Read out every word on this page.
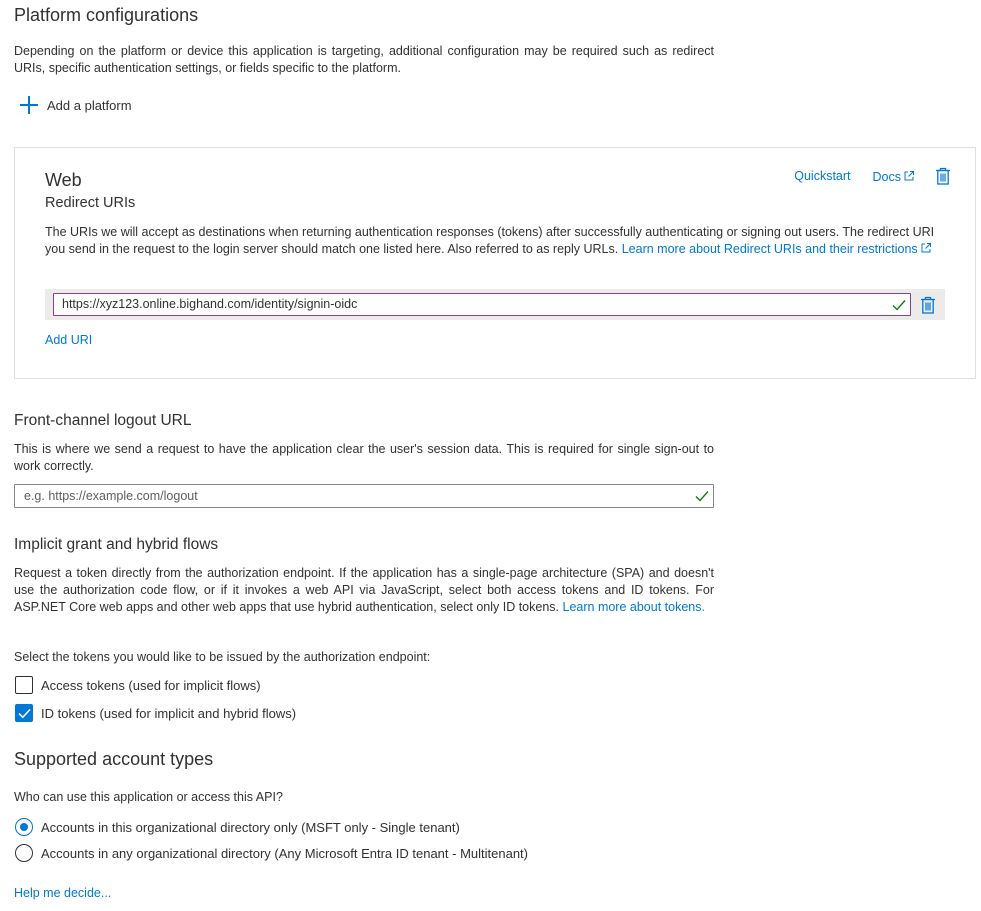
Platform configurations
Depending on the platform or device this application is targeting, additional configuration may be required such as redirect URIs, specific authentication settings, or fields specific to the platform.
Add a platform
Web
Redirect URIs
Quickstart Docs
The URIs we will accept as destinations when returning authentication responses (tokens) after successfully authenticating or signing out users. The redirect URI you send in the request to the login server should match one listed here. Also referred to as reply URLs. Learn more about Redirect URIs and their restrictions
https://xyz123.online.bighand.com/identity/signin-oidc
Add URI
Front-channel logout URL
This is where we send a request to have the application clear the user's session data. This is required for single sign-out to work correctly.
e.g. https://example.com/logout
Implicit grant and hybrid flows
Request a token directly from the authorization endpoint. If the application has a single-page architecture (SPA) and doesn't use the authorization code flow, or if it invokes a web API via JavaScript, select both access tokens and ID tokens. For ASP.NET Core web apps and other web apps that use hybrid authentication, select only ID tokens. Learn more about tokens.
Select the tokens you would like to be issued by the authorization endpoint:
Access tokens (used for implicit flows)
ID tokens (used for implicit and hybrid flows)
Supported account types
Who can use this application or access this API?
Accounts in this organizational directory only (MSFT only - Single tenant)
Accounts in any organizational directory (Any Microsoft Entra ID tenant - Multitenant)
Help me decide...
